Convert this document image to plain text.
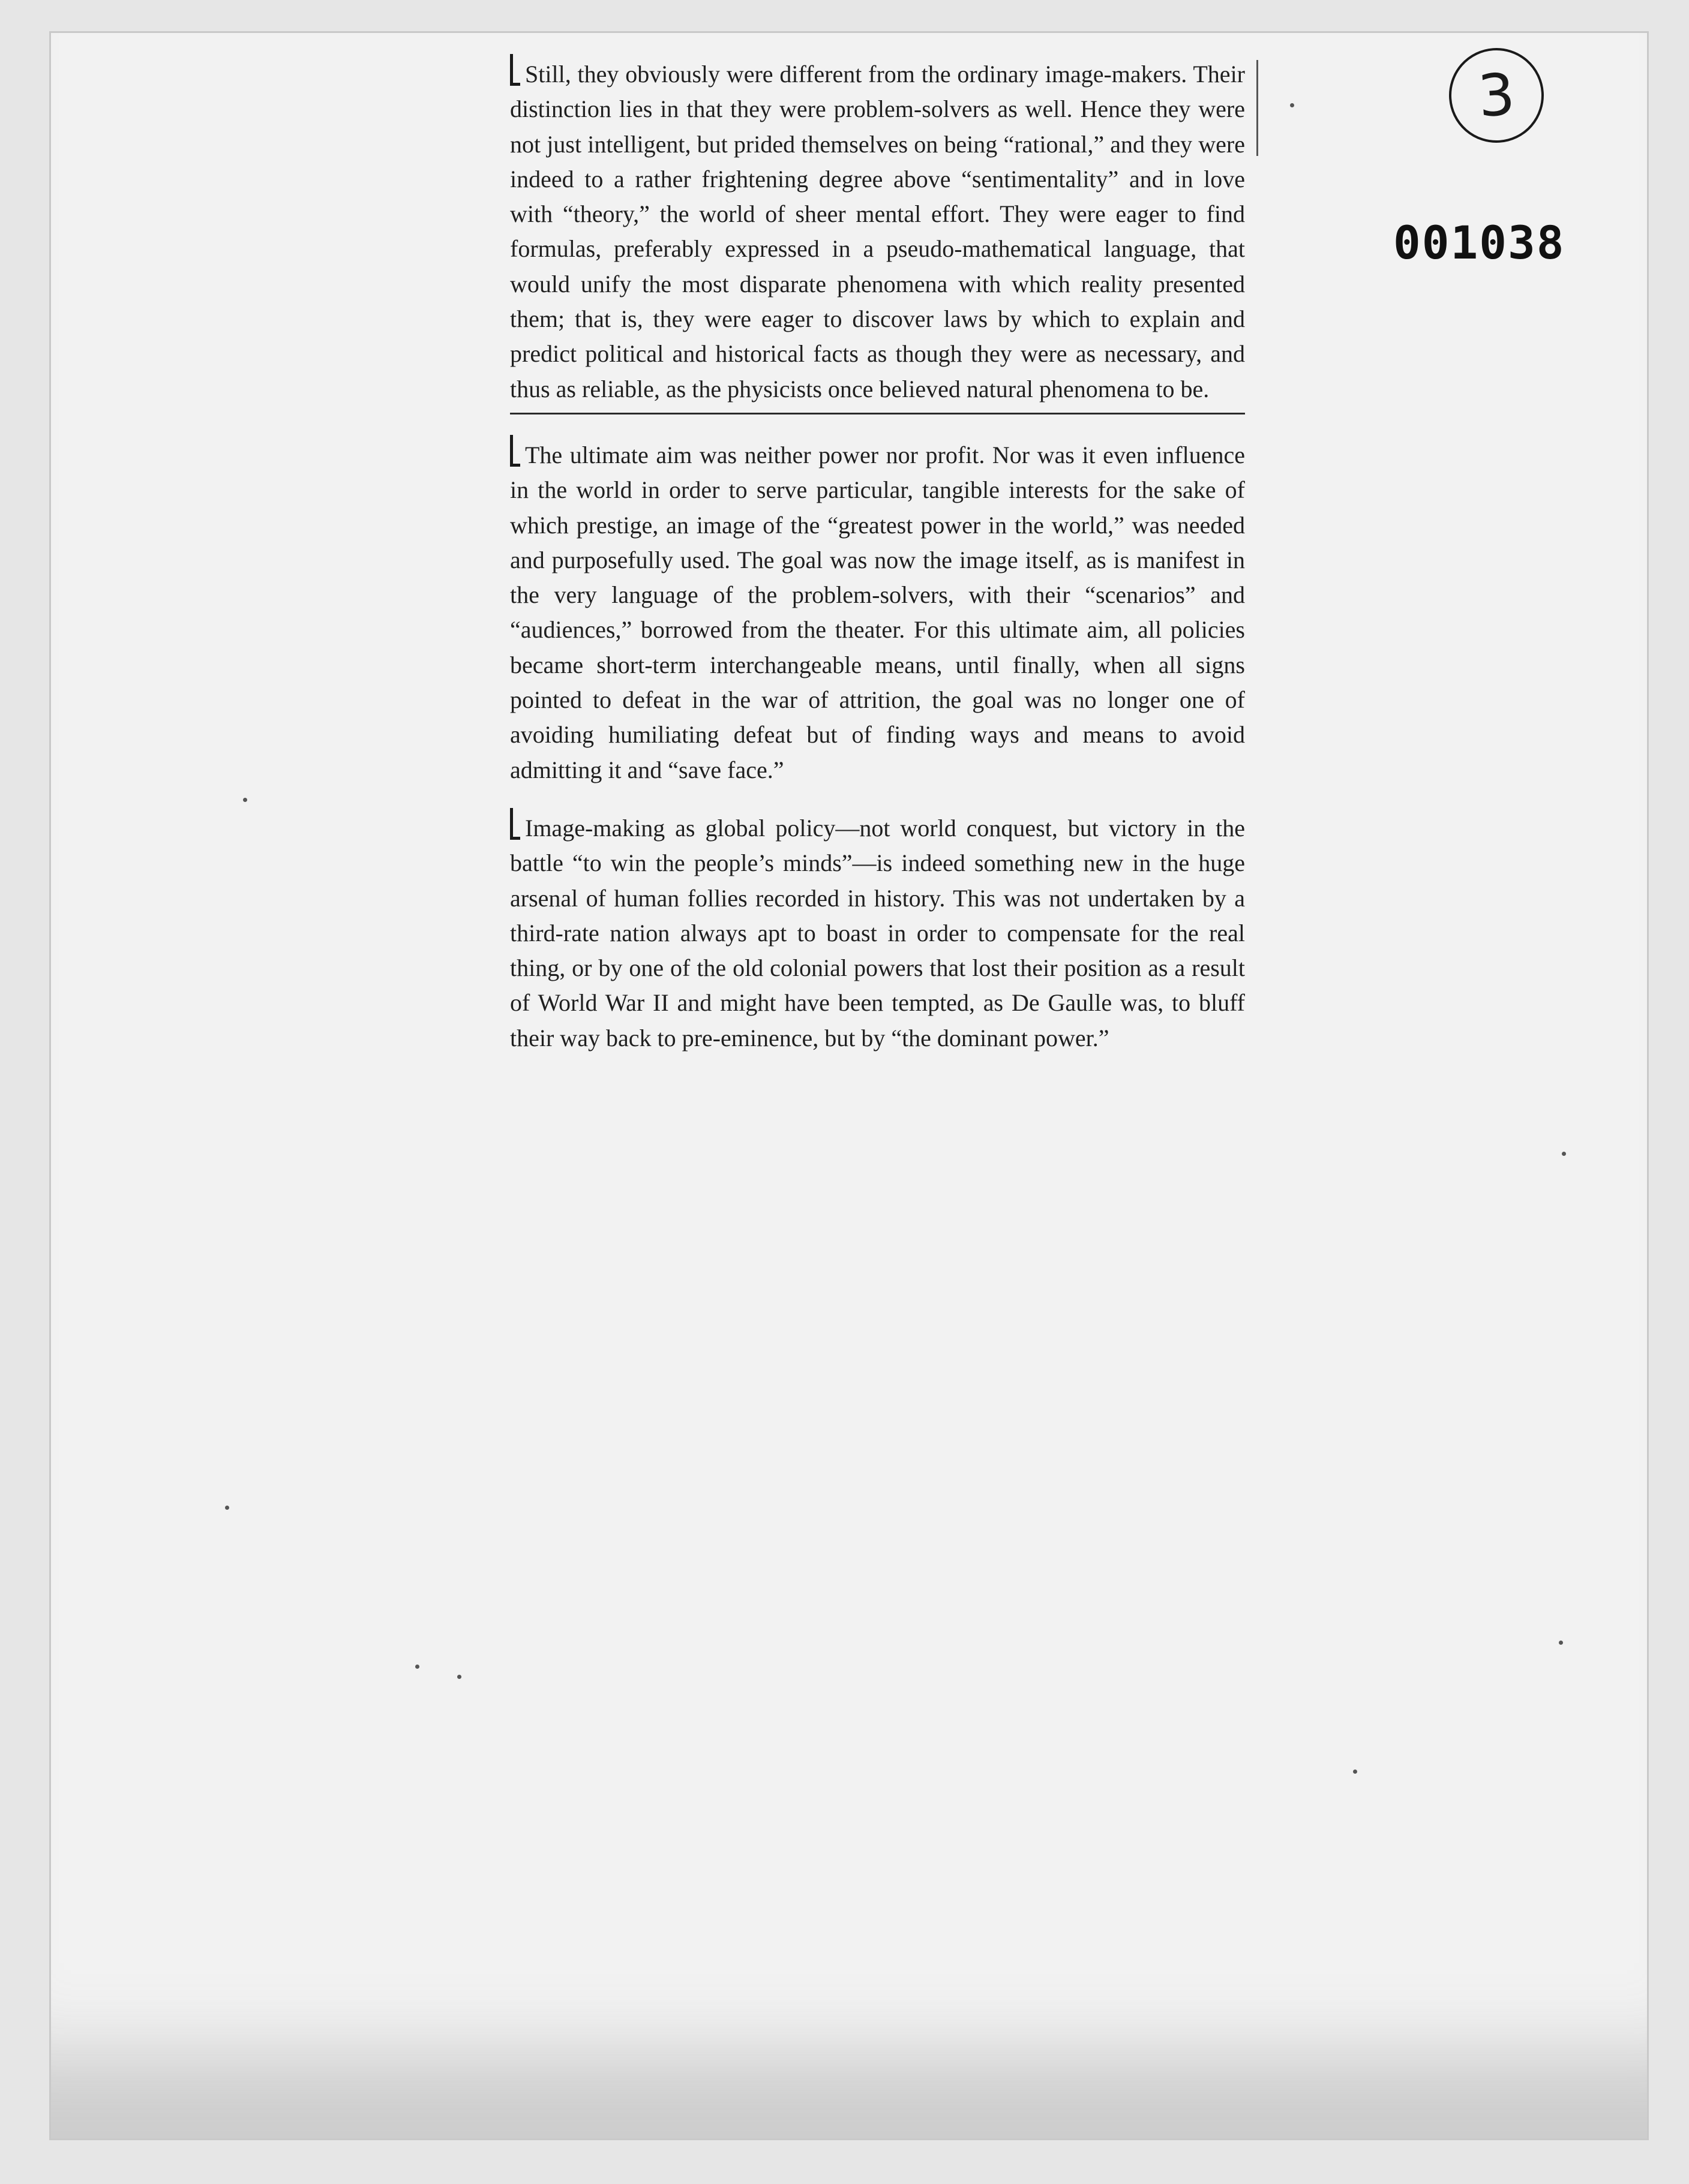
3
001038

Still, they obviously were different from the ordinary image-makers. Their distinction lies in that they were problem-solvers as well. Hence they were not just intelligent, but prided themselves on being “rational,” and they were indeed to a rather frightening degree above “sentimentality” and in love with “theory,” the world of sheer mental effort. They were eager to find formulas, preferably expressed in a pseudo-mathematical language, that would unify the most disparate phenomena with which reality presented them; that is, they were eager to discover laws by which to explain and predict political and historical facts as though they were as necessary, and thus as reliable, as the physicists once believed natural phenomena to be.

The ultimate aim was neither power nor profit. Nor was it even influence in the world in order to serve particular, tangible interests for the sake of which prestige, an image of the “greatest power in the world,” was needed and purposefully used. The goal was now the image itself, as is manifest in the very language of the problem-solvers, with their “scenarios” and “audiences,” borrowed from the theater. For this ultimate aim, all policies became short-term interchangeable means, until finally, when all signs pointed to defeat in the war of attrition, the goal was no longer one of avoiding humiliating defeat but of finding ways and means to avoid admitting it and “save face.”

Image-making as global policy—not world conquest, but victory in the battle “to win the people’s minds”—is indeed something new in the huge arsenal of human follies recorded in history. This was not undertaken by a third-rate nation always apt to boast in order to compensate for the real thing, or by one of the old colonial powers that lost their position as a result of World War II and might have been tempted, as De Gaulle was, to bluff their way back to pre-eminence, but by “the dominant power.”
